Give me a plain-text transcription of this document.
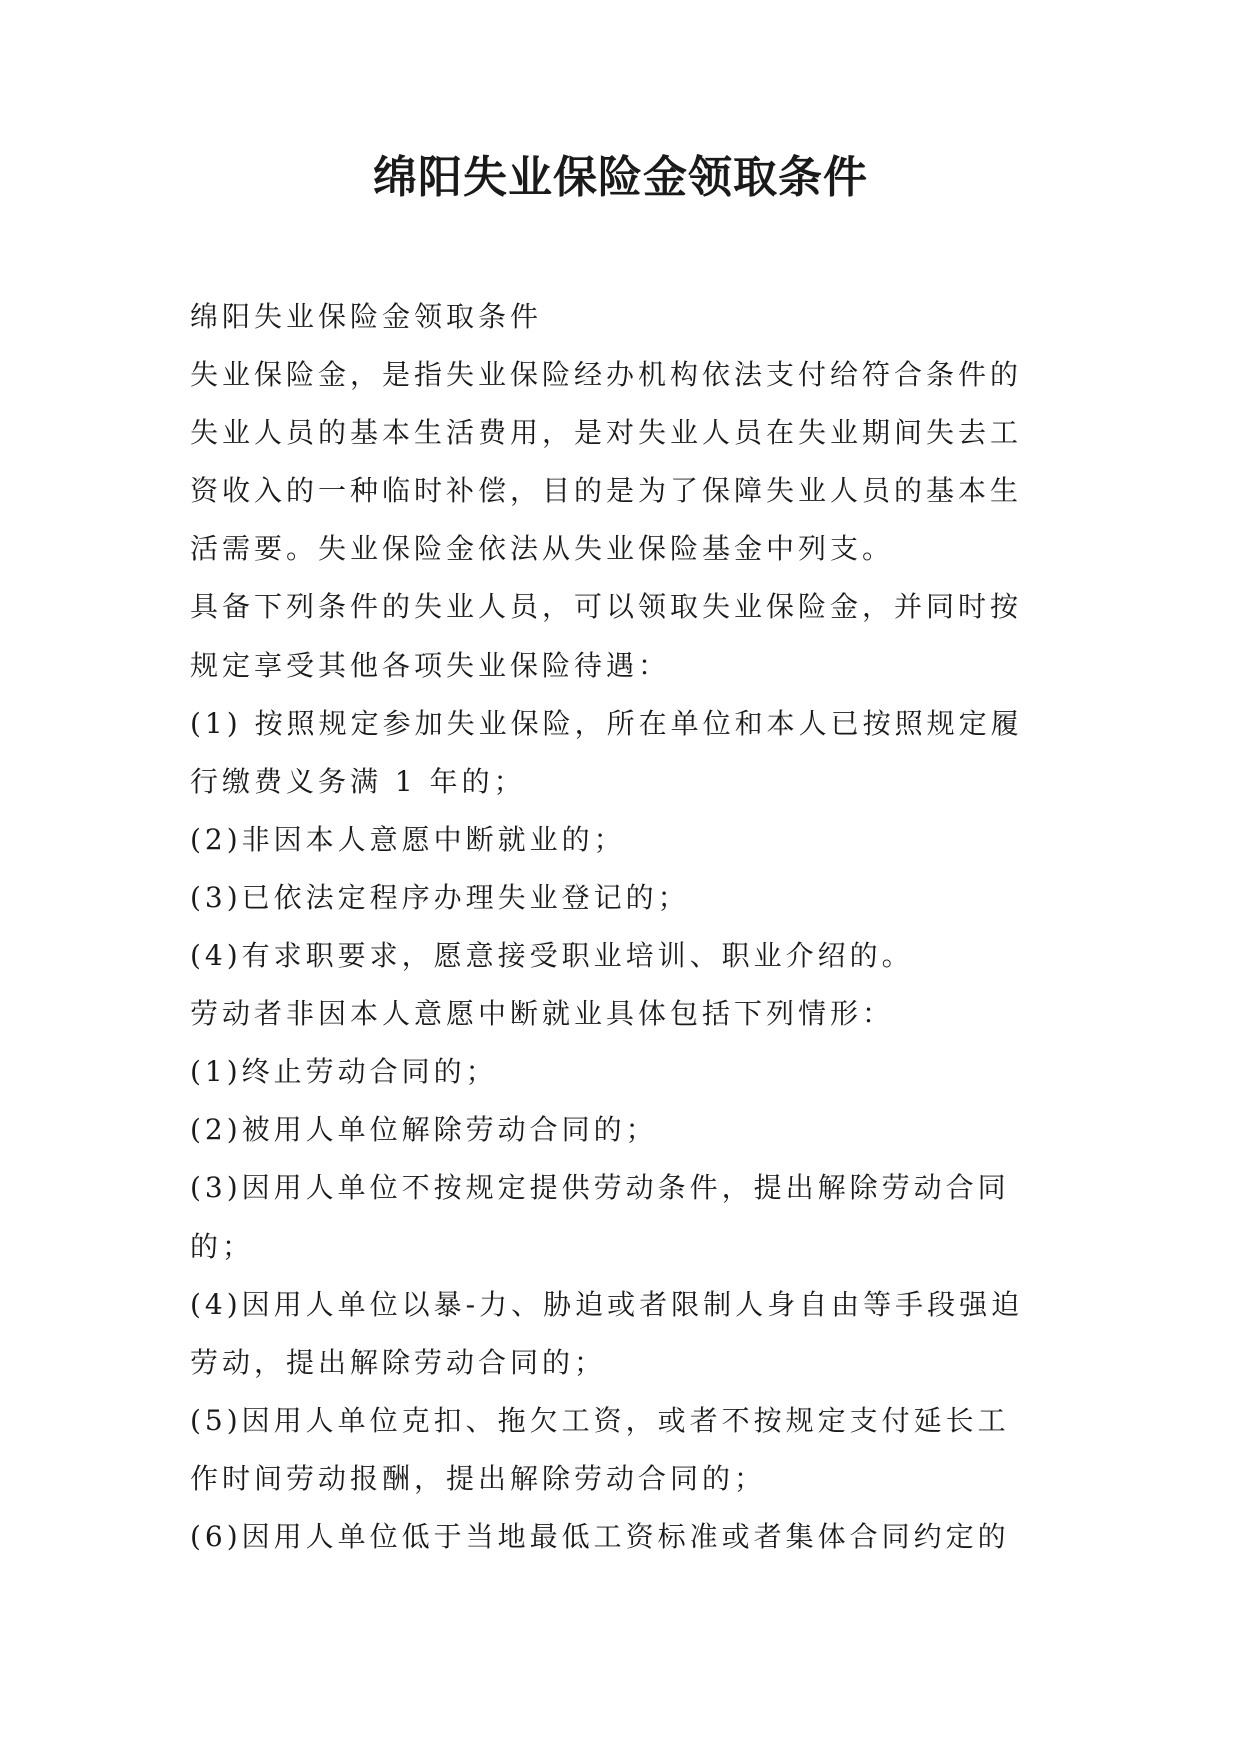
绵阳失业保险金领取条件
绵阳失业保险金领取条件
失业保险金，是指失业保险经办机构依法支付给符合条件的
失业人员的基本生活费用，是对失业人员在失业期间失去工
资收入的一种临时补偿，目的是为了保障失业人员的基本生
活需要。失业保险金依法从失业保险基金中列支。
具备下列条件的失业人员，可以领取失业保险金，并同时按
规定享受其他各项失业保险待遇：
(1) 按照规定参加失业保险，所在单位和本人已按照规定履
行缴费义务满 1 年的；
(2)非因本人意愿中断就业的；
(3)已依法定程序办理失业登记的；
(4)有求职要求，愿意接受职业培训、职业介绍的。
劳动者非因本人意愿中断就业具体包括下列情形：
(1)终止劳动合同的；
(2)被用人单位解除劳动合同的；
(3)因用人单位不按规定提供劳动条件，提出解除劳动合同
的；
(4)因用人单位以暴-力、胁迫或者限制人身自由等手段强迫
劳动，提出解除劳动合同的；
(5)因用人单位克扣、拖欠工资，或者不按规定支付延长工
作时间劳动报酬，提出解除劳动合同的；
(6)因用人单位低于当地最低工资标准或者集体合同约定的
